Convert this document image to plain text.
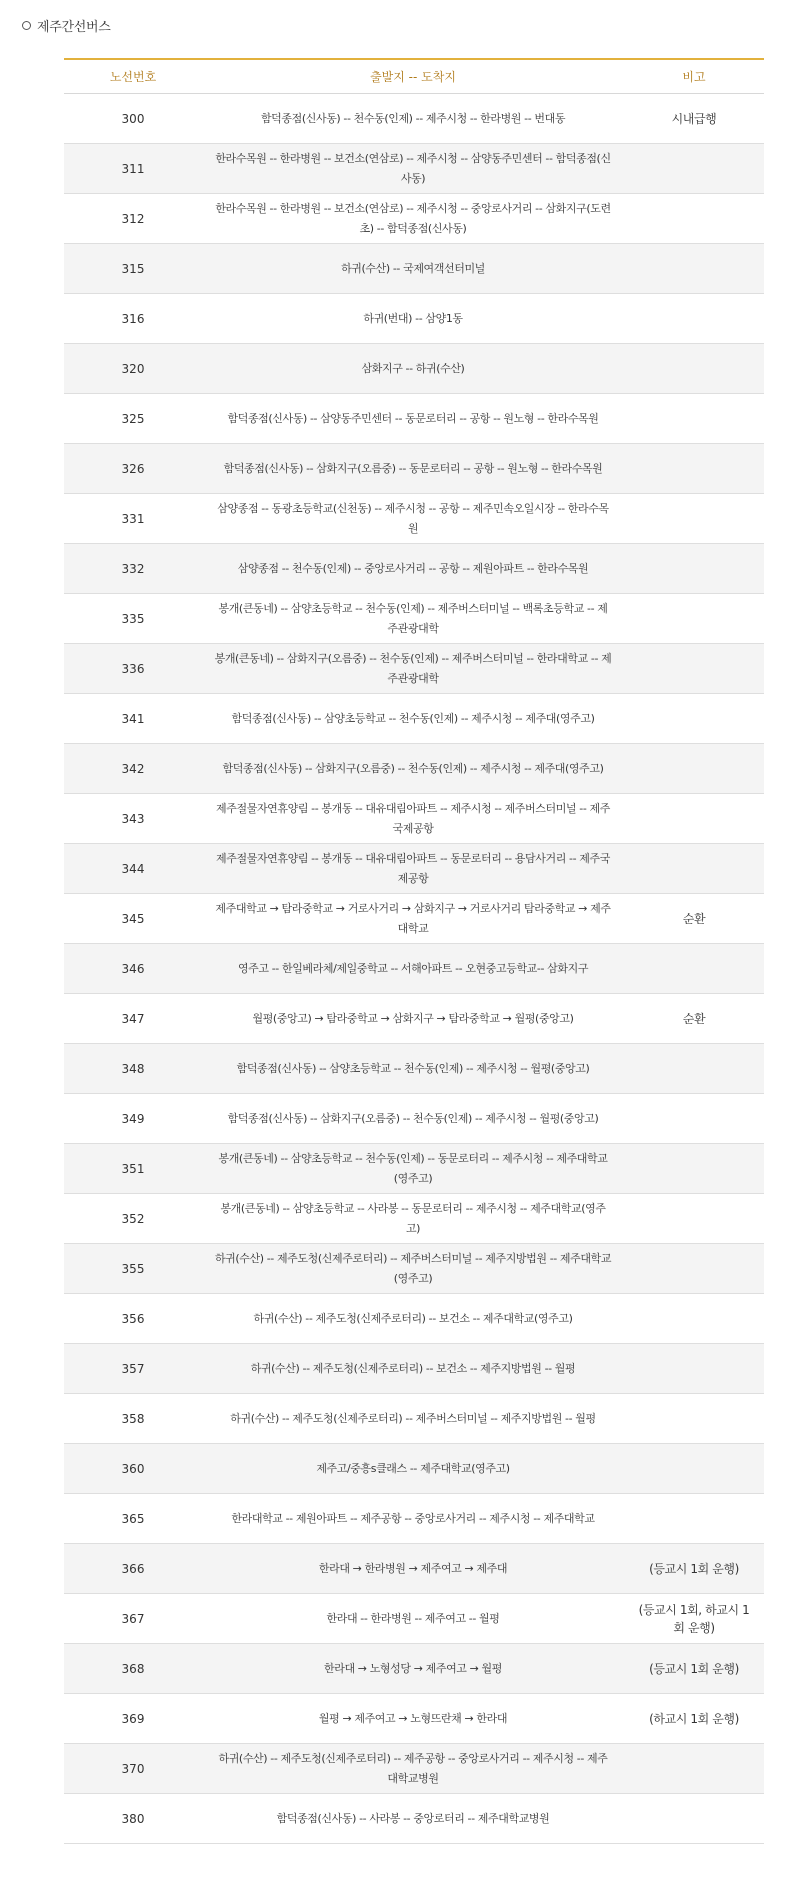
제주간선버스
노선번호	출발지 -- 도착지	비고
300	함덕종점(신사동) -- 천수동(인제) -- 제주시청 -- 한라병원 -- 번대동	시내급행
311	한라수목원 -- 한라병원 -- 보건소(연삼로) -- 제주시청 -- 삼양동주민센터 -- 함덕종점(신사동)	
312	한라수목원 -- 한라병원 -- 보건소(연삼로) -- 제주시청 -- 중앙로사거리 -- 삼화지구(도련초) -- 함덕종점(신사동)	
315	하귀(수산) -- 국제여객선터미널	
316	하귀(번대) -- 삼양1동	
320	삼화지구 -- 하귀(수산)	
325	함덕종점(신사동) -- 삼양동주민센터 -- 동문로터리 -- 공항 -- 원노형 -- 한라수목원	
326	함덕종점(신사동) -- 삼화지구(오름중) -- 동문로터리 -- 공항 -- 원노형 -- 한라수목원	
331	삼양종점 -- 동광초등학교(신천동) -- 제주시청 -- 공항 -- 제주민속오일시장 -- 한라수목원	
332	삼양종점 -- 천수동(인제) -- 중앙로사거리 -- 공항 -- 제원아파트 -- 한라수목원	
335	봉개(큰동네) -- 삼양초등학교 -- 천수동(인제) -- 제주버스터미널 -- 백록초등학교 -- 제주관광대학	
336	봉개(큰동네) -- 삼화지구(오름중) -- 천수동(인제) -- 제주버스터미널 -- 한라대학교 -- 제주관광대학	
341	함덕종점(신사동) -- 삼양초등학교 -- 천수동(인제) -- 제주시청 -- 제주대(영주고)	
342	함덕종점(신사동) -- 삼화지구(오름중) -- 천수동(인제) -- 제주시청 -- 제주대(영주고)	
343	제주절물자연휴양림 -- 봉개동 -- 대유대림아파트 -- 제주시청 -- 제주버스터미널 -- 제주국제공항	
344	제주절물자연휴양림 -- 봉개동 -- 대유대림아파트 -- 동문로터리 -- 용담사거리 -- 제주국제공항	
345	제주대학교 → 탐라중학교 → 거로사거리 → 삼화지구 → 거로사거리 탐라중학교 → 제주대학교	순환
346	영주고 -- 한일베라체/제일중학교 -- 서해아파트 -- 오현중고등학교-- 삼화지구	
347	월평(중앙고) → 탐라중학교 → 삼화지구 → 탐라중학교 → 월평(중앙고)	순환
348	함덕종점(신사동) -- 삼양초등학교 -- 천수동(인제) -- 제주시청 -- 월평(중앙고)	
349	함덕종점(신사동) -- 삼화지구(오름중) -- 천수동(인제) -- 제주시청 -- 월평(중앙고)	
351	봉개(큰동네) -- 삼양초등학교 -- 천수동(인제) -- 동문로터리 -- 제주시청 -- 제주대학교(영주고)	
352	봉개(큰동네) -- 삼양초등학교 -- 사라봉 -- 동문로터리 -- 제주시청 -- 제주대학교(영주고)	
355	하귀(수산) -- 제주도청(신제주로터리) -- 제주버스터미널 -- 제주지방법원 -- 제주대학교(영주고)	
356	하귀(수산) -- 제주도청(신제주로터리) -- 보건소 -- 제주대학교(영주고)	
357	하귀(수산) -- 제주도청(신제주로터리) -- 보건소 -- 제주지방법원 -- 월평	
358	하귀(수산) -- 제주도청(신제주로터리) -- 제주버스터미널 -- 제주지방법원 -- 월평	
360	제주고/중흥s클래스 -- 제주대학교(영주고)	
365	한라대학교 -- 제원아파트 -- 제주공항 -- 중앙로사거리 -- 제주시청 -- 제주대학교	
366	한라대 → 한라병원 → 제주여고 → 제주대	(등교시 1회 운행)
367	한라대 -- 한라병원 -- 제주여고 -- 월평	(등교시 1회, 하교시 1회 운행)
368	한라대 → 노형성당 → 제주여고 → 월평	(등교시 1회 운행)
369	월평 → 제주여고 → 노형뜨란채 → 한라대	(하교시 1회 운행)
370	하귀(수산) -- 제주도청(신제주로터리) -- 제주공항 -- 중앙로사거리 -- 제주시청 -- 제주대학교병원	
380	함덕종점(신사동) -- 사라봉 -- 중앙로터리 -- 제주대학교병원	
